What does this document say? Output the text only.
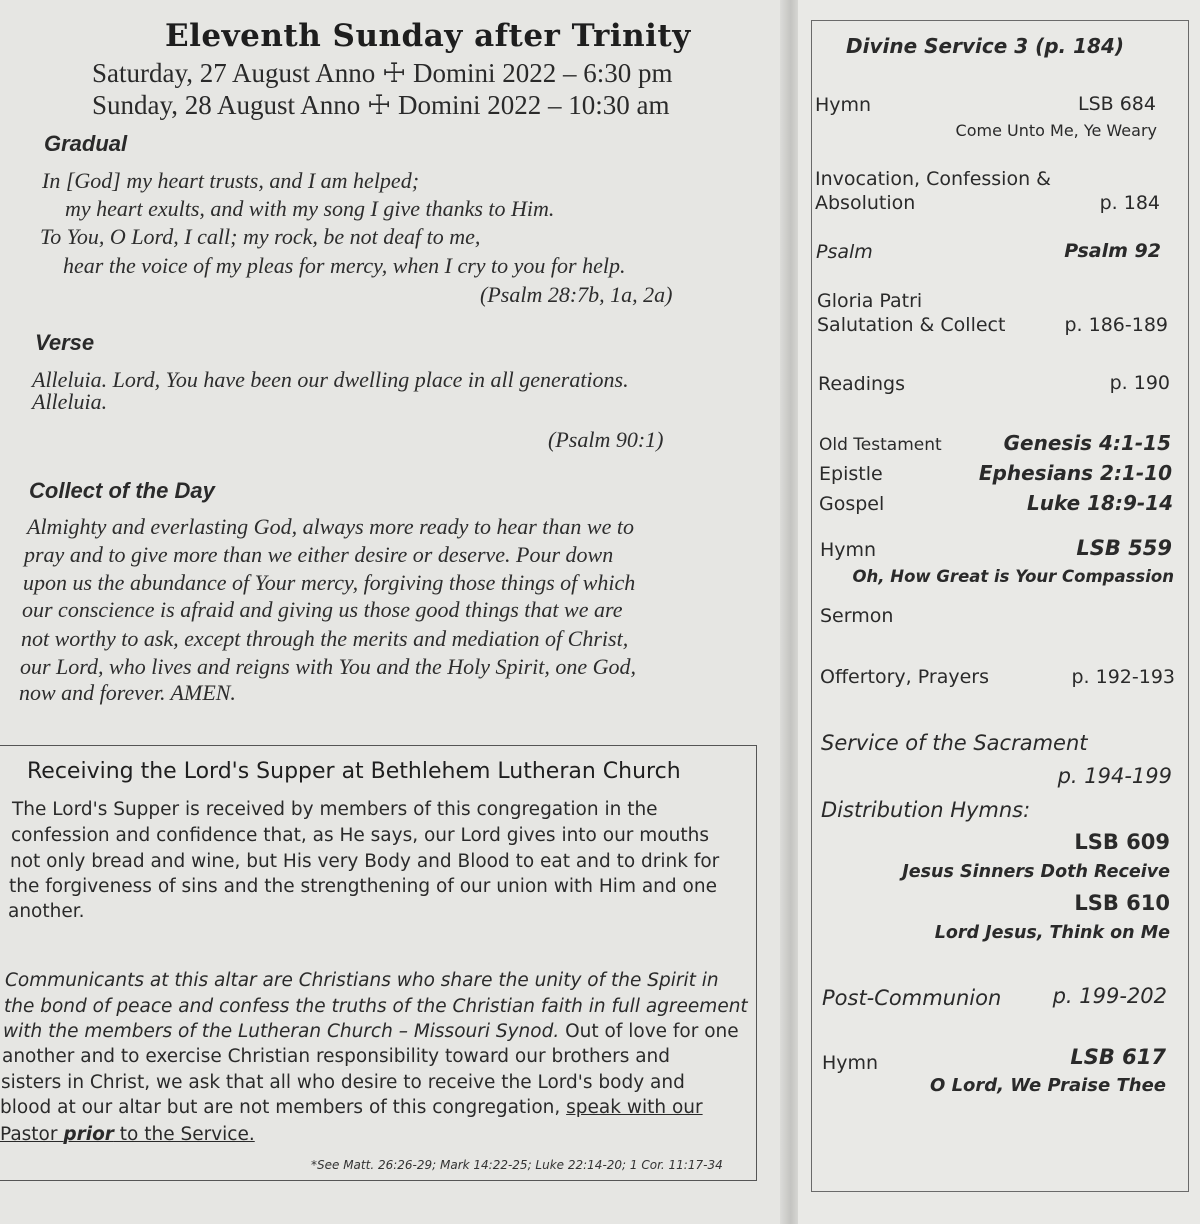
Eleventh Sunday after Trinity
Saturday, 27 August Anno ☩ Domini 2022 – 6:30 pm
Sunday, 28 August Anno ☩ Domini 2022 – 10:30 am
Gradual
In [God] my heart trusts, and I am helped;
my heart exults, and with my song I give thanks to Him.
To You, O Lord, I call; my rock, be not deaf to me,
hear the voice of my pleas for mercy, when I cry to you for help.
(Psalm 28:7b, 1a, 2a)
Verse
Alleluia. Lord, You have been our dwelling place in all generations.
Alleluia.
(Psalm 90:1)
Collect of the Day
Almighty and everlasting God, always more ready to hear than we to
pray and to give more than we either desire or deserve. Pour down
upon us the abundance of Your mercy, forgiving those things of which
our conscience is afraid and giving us those good things that we are
not worthy to ask, except through the merits and mediation of Christ,
our Lord, who lives and reigns with You and the Holy Spirit, one God,
now and forever. AMEN.
Receiving the Lord's Supper at Bethlehem Lutheran Church
The Lord's Supper is received by members of this congregation in the
confession and confidence that, as He says, our Lord gives into our mouths
not only bread and wine, but His very Body and Blood to eat and to drink for
the forgiveness of sins and the strengthening of our union with Him and one
another.
Communicants at this altar are Christians who share the unity of the Spirit in
the bond of peace and confess the truths of the Christian faith in full agreement
with the members of the Lutheran Church – Missouri Synod. Out of love for one
another and to exercise Christian responsibility toward our brothers and
sisters in Christ, we ask that all who desire to receive the Lord's body and
blood at our altar but are not members of this congregation, speak with our
Pastor prior to the Service.
*See Matt. 26:26-29; Mark 14:22-25; Luke 22:14-20; 1 Cor. 11:17-34
Divine Service 3 (p. 184)
Hymn	LSB 684
Come Unto Me, Ye Weary
Invocation, Confession &
Absolution	p. 184
Psalm	Psalm 92
Gloria Patri
Salutation & Collect	p. 186-189
Readings	p. 190
Old Testament	Genesis 4:1-15
Epistle	Ephesians 2:1-10
Gospel	Luke 18:9-14
Hymn	LSB 559
Oh, How Great is Your Compassion
Sermon
Offertory, Prayers	p. 192-193
Service of the Sacrament
p. 194-199
Distribution Hymns:
LSB 609
Jesus Sinners Doth Receive
LSB 610
Lord Jesus, Think on Me
Post-Communion p. 199-202
Hymn	LSB 617
O Lord, We Praise Thee
